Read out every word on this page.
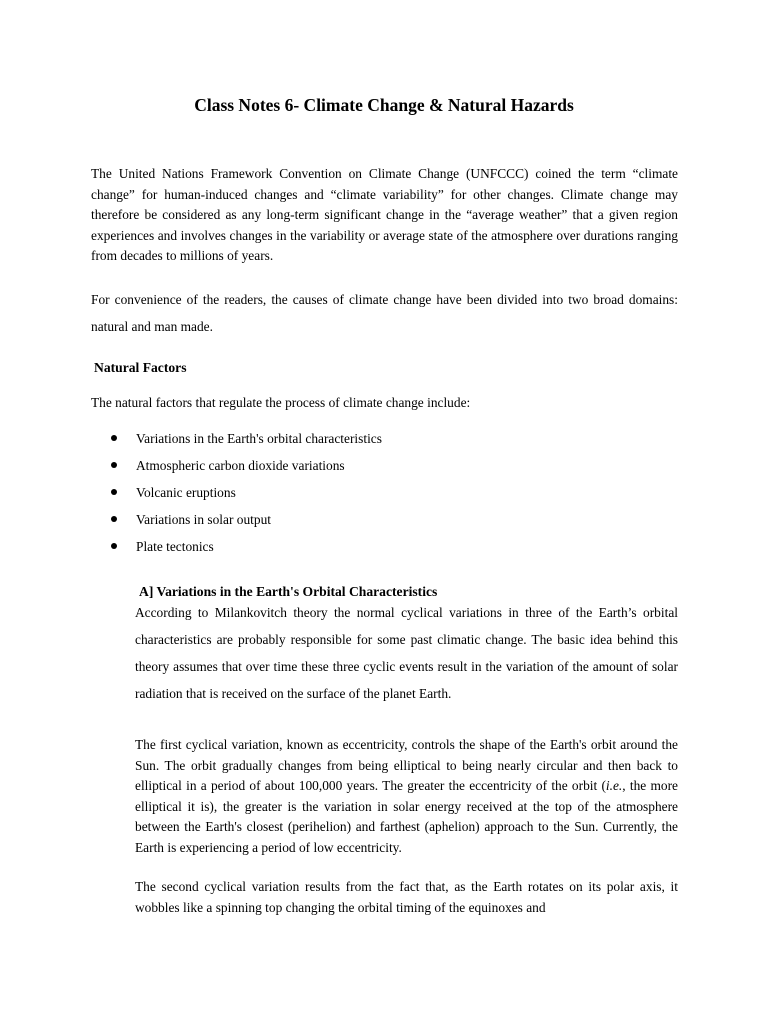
Class Notes 6- Climate Change & Natural Hazards

The United Nations Framework Convention on Climate Change (UNFCCC) coined the term “climate change” for human-induced changes and “climate variability” for other changes. Climate change may therefore be considered as any long-term significant change in the “average weather” that a given region experiences and involves changes in the variability or average state of the atmosphere over durations ranging from decades to millions of years.

For convenience of the readers, the causes of climate change have been divided into two broad domains: natural and man made.

Natural Factors

The natural factors that regulate the process of climate change include:

Variations in the Earth's orbital characteristics
Atmospheric carbon dioxide variations
Volcanic eruptions
Variations in solar output
Plate tectonics
A] Variations in the Earth's Orbital Characteristics

According to Milankovitch theory the normal cyclical variations in three of the Earth’s orbital characteristics are probably responsible for some past climatic change. The basic idea behind this theory assumes that over time these three cyclic events result in the variation of the amount of solar radiation that is received on the surface of the planet Earth.

The first cyclical variation, known as eccentricity, controls the shape of the Earth's orbit around the Sun. The orbit gradually changes from being elliptical to being nearly circular and then back to elliptical in a period of about 100,000 years. The greater the eccentricity of the orbit (i.e., the more elliptical it is), the greater is the variation in solar energy received at the top of the atmosphere between the Earth's closest (perihelion) and farthest (aphelion) approach to the Sun. Currently, the Earth is experiencing a period of low eccentricity.

The second cyclical variation results from the fact that, as the Earth rotates on its polar axis, it wobbles like a spinning top changing the orbital timing of the equinoxes and
